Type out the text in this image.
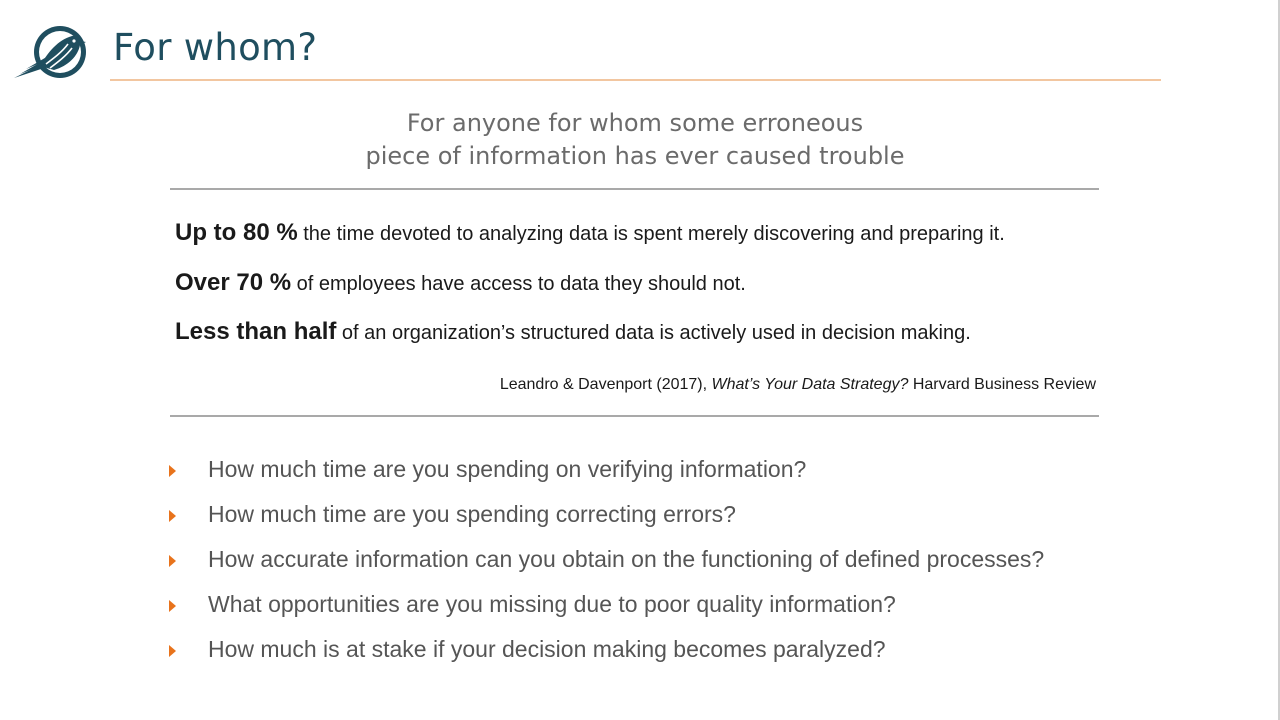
For whom?
For anyone for whom some erroneous
piece of information has ever caused trouble
Up to 80 % the time devoted to analyzing data is spent merely discovering and preparing it.
Over 70 % of employees have access to data they should not.
Less than half of an organization’s structured data is actively used in decision making.
Leandro & Davenport (2017), What’s Your Data Strategy? Harvard Business Review
How much time are you spending on verifying information?
How much time are you spending correcting errors?
How accurate information can you obtain on the functioning of defined processes?
What opportunities are you missing due to poor quality information?
How much is at stake if your decision making becomes paralyzed?
